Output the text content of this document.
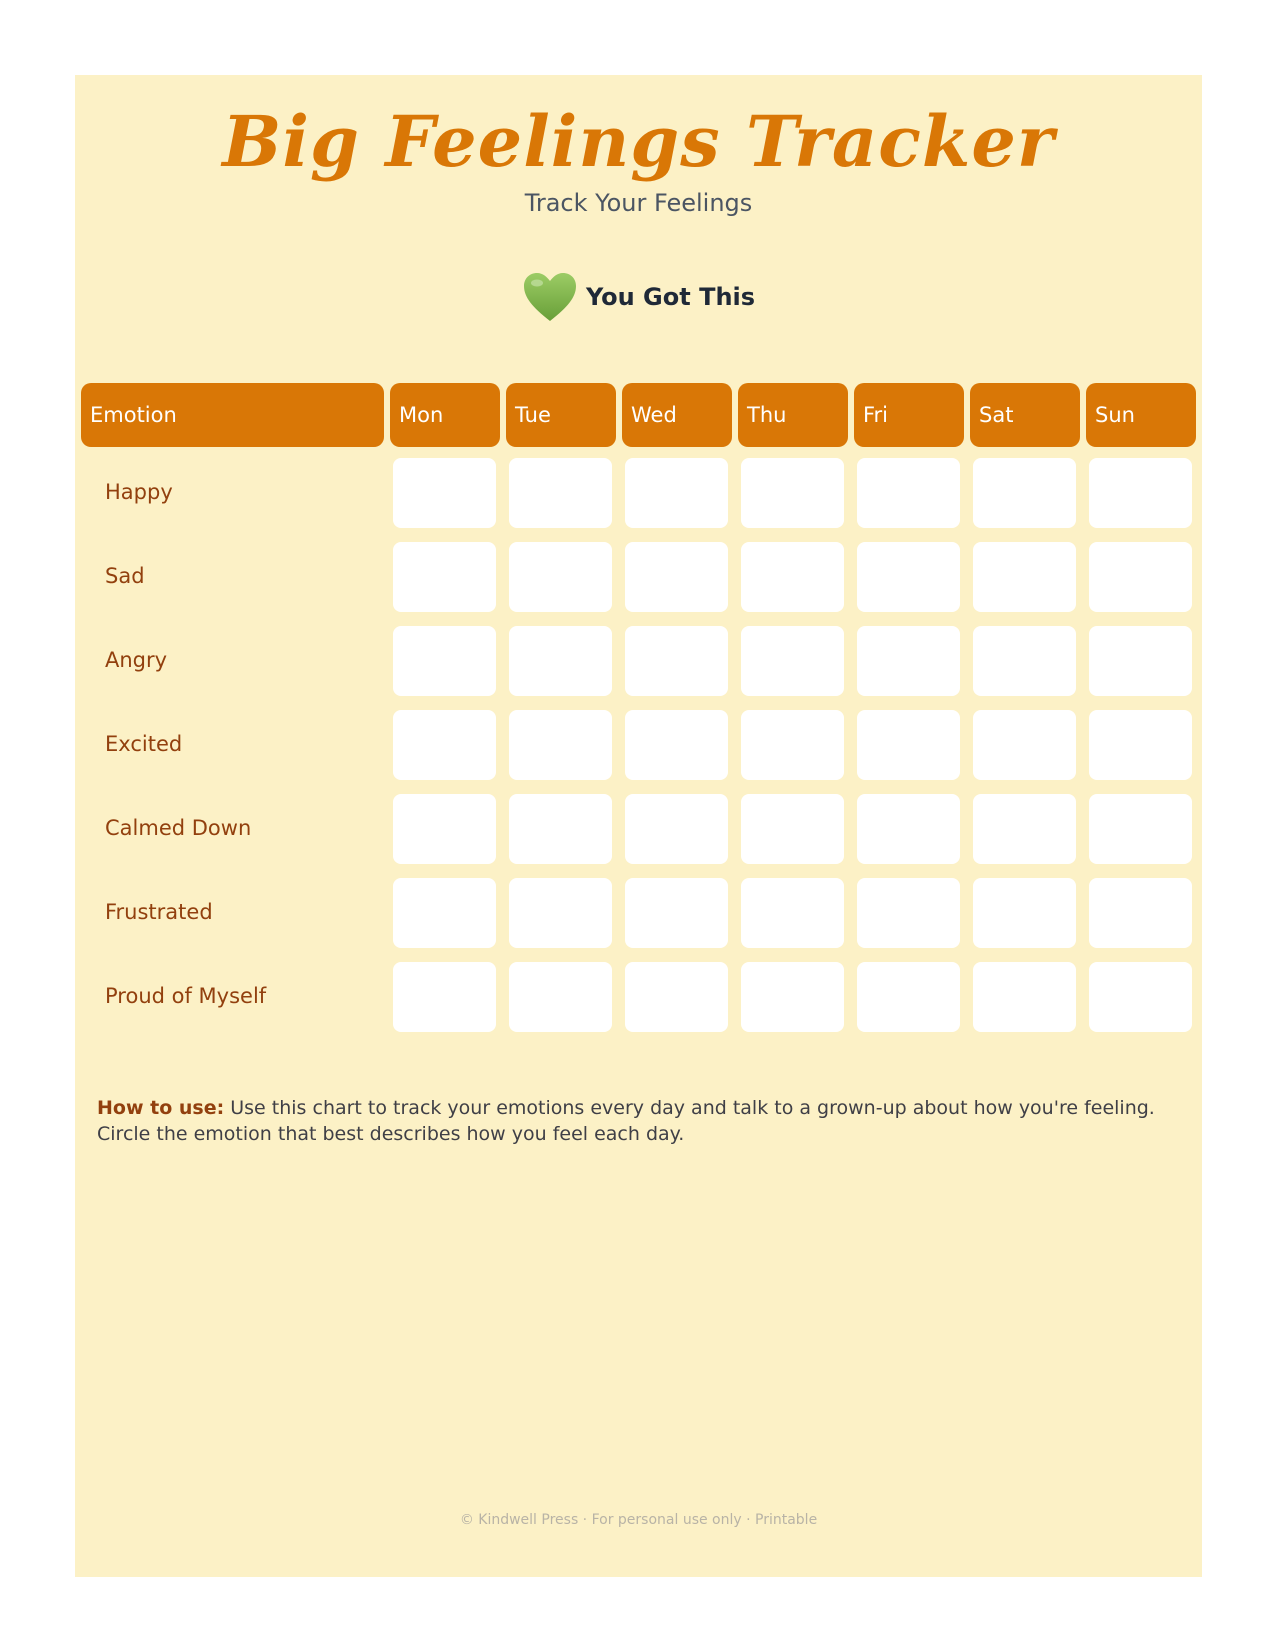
Big Feelings Tracker
Track Your Feelings
You Got This
Emotion	Mon	Tue	Wed	Thu	Fri	Sat	Sun
Happy
Sad
Angry
Excited
Calmed Down
Frustrated
Proud of Myself
How to use: Use this chart to track your emotions every day and talk to a grown-up about how you're feeling. Circle the emotion that best describes how you feel each day.
© Kindwell Press · For personal use only · Printable
